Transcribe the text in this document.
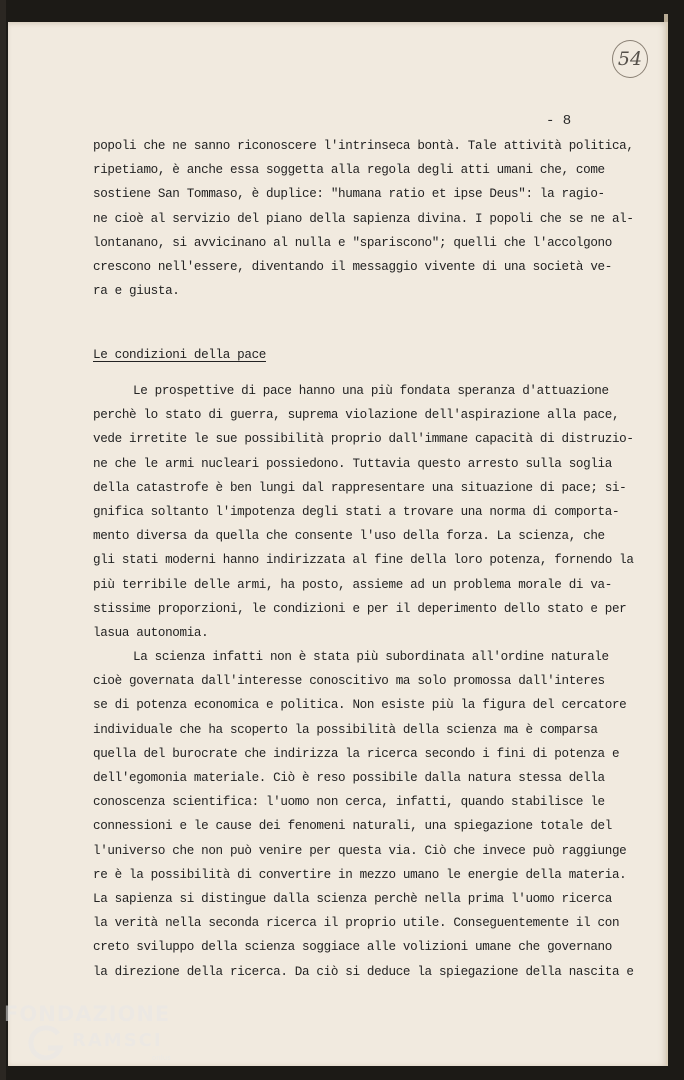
54
- 8
popoli che ne sanno riconoscere l'intrinseca bontà. Tale attività politica,
ripetiamo, è anche essa soggetta alla regola degli atti umani che, come
sostiene San Tommaso, è duplice: "humana ratio et ipse Deus": la ragio-
ne cioè al servizio del piano della sapienza divina. I popoli che se ne al-
lontanano, si avvicinano al nulla e "spariscono"; quelli che l'accolgono
crescono nell'essere, diventando il messaggio vivente di una società ve-
ra e giusta.
Le condizioni della pace
Le prospettive di pace hanno una più fondata speranza d'attuazione
perchè lo stato di guerra, suprema violazione dell'aspirazione alla pace,
vede irretite le sue possibilità proprio dall'immane capacità di distruzio-
ne che le armi nucleari possiedono. Tuttavia questo arresto sulla soglia
della catastrofe è ben lungi dal rappresentare una situazione di pace; si-
gnifica soltanto l'impotenza degli stati a trovare una norma di comporta-
mento diversa da quella che consente l'uso della forza. La scienza, che
gli stati moderni hanno indirizzata al fine della loro potenza, fornendo la
più terribile delle armi, ha posto, assieme ad un problema morale di va-
stissime proporzioni, le condizioni e per il deperimento dello stato e per
lasua autonomia.
La scienza infatti non è stata più subordinata all'ordine naturale
cioè governata dall'interesse conoscitivo ma solo promossa dall'interes
se di potenza economica e politica. Non esiste più la figura del cercatore
individuale che ha scoperto la possibilità della scienza ma è comparsa
quella del burocrate che indirizza la ricerca secondo i fini di potenza e
dell'egomonia materiale. Ciò è reso possibile dalla natura stessa della
conoscenza scientifica: l'uomo non cerca, infatti, quando stabilisce le
connessioni e le cause dei fenomeni naturali, una spiegazione totale del
l'universo che non può venire per questa via. Ciò che invece può raggiunge
re è la possibilità di convertire in mezzo umano le energie della materia.
La sapienza si distingue dalla scienza perchè nella prima l'uomo ricerca
la verità nella seconda ricerca il proprio utile. Conseguentemente il con
creto sviluppo della scienza soggiace alle volizioni umane che governano
la direzione della ricerca. Da ciò si deduce la spiegazione della nascita e
FONDAZIONE
RAMSCI
onlus
